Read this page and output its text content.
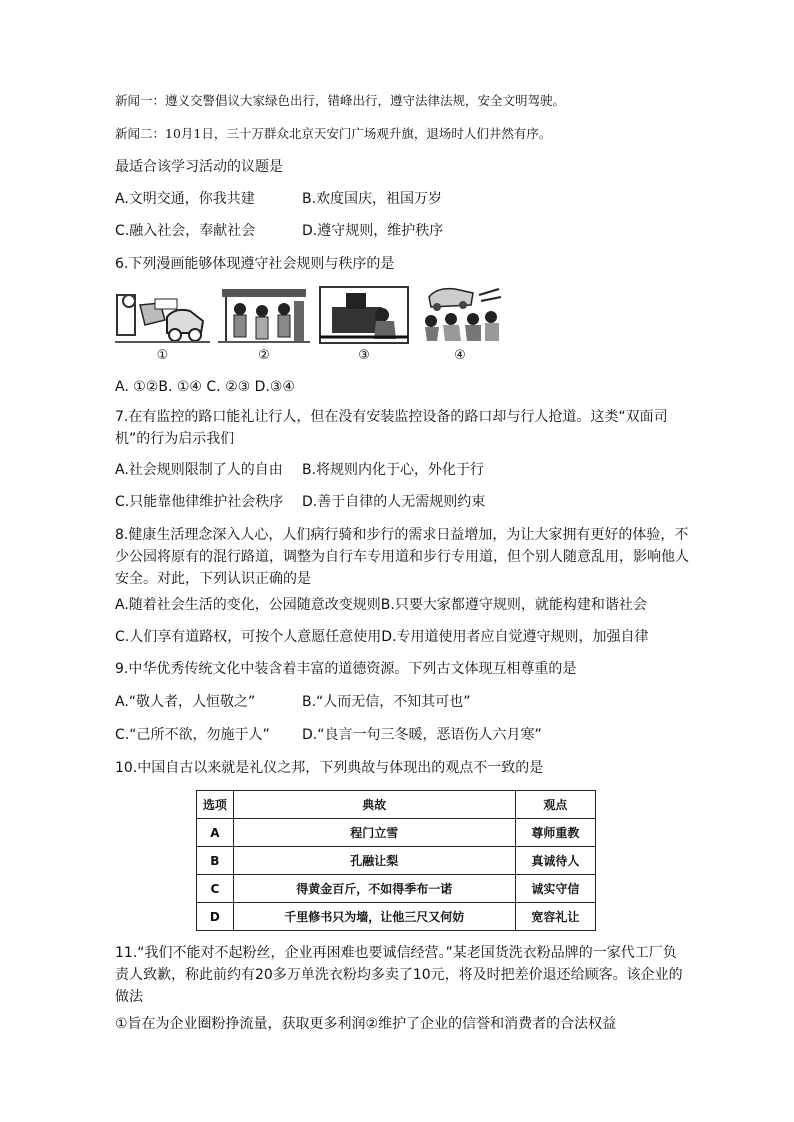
新闻一：遵义交警倡议大家绿色出行，错峰出行，遵守法律法规，安全文明驾驶。
新闻二：10月1日，三十万群众北京天安门广场观升旗，退场时人们井然有序。
最适合该学习活动的议题是
A.文明交通，你我共建	B.欢度国庆，祖国万岁
C.融入社会，奉献社会	D.遵守规则，维护秩序
6.下列漫画能够体现遵守社会规则与秩序的是
①	②	③	④
A. ①②B. ①④ C. ②③ D.③④
7.在有监控的路口能礼让行人，但在没有安装监控设备的路口却与行人抢道。这类“双面司机”的行为启示我们
A.社会规则限制了人的自由 B.将规则内化于心，外化于行
C.只能靠他律维护社会秩序 D.善于自律的人无需规则约束
8.健康生活理念深入人心，人们病行骑和步行的需求日益增加，为让大家拥有更好的体验，不少公园将原有的混行路道，调整为自行车专用道和步行专用道，但个别人随意乱用，影响他人安全。对此，下列认识正确的是
A.随着社会生活的变化，公园随意改变规则B.只要大家都遵守规则，就能构建和谐社会
C.人们享有道路权，可按个人意愿任意使用D.专用道使用者应自觉遵守规则，加强自律
9.中华优秀传统文化中装含着丰富的道德资源。下列古文体现互相尊重的是
A.“敬人者，人恒敬之”	B.“人而无信，不知其可也”
C.“己所不欲，勿施于人” D.“良言一句三冬暖，恶语伤人六月寒”
10.中国自古以来就是礼仪之邦，下列典故与体现出的观点不一致的是
选项	典故	观点
A	程门立雪	尊师重教
B	孔融让梨	真诚待人
C	得黄金百斤，不如得季布一诺	诚实守信
D	千里修书只为墙，让他三尺又何妨	宽容礼让
11.“我们不能对不起粉丝，企业再困难也要诚信经营。”某老国货洗衣粉品牌的一家代工厂负责人致歉，称此前约有20多万单洗衣粉均多卖了10元，将及时把差价退还给顾客。该企业的做法
①旨在为企业圈粉挣流量，获取更多利润②维护了企业的信誉和消费者的合法权益
